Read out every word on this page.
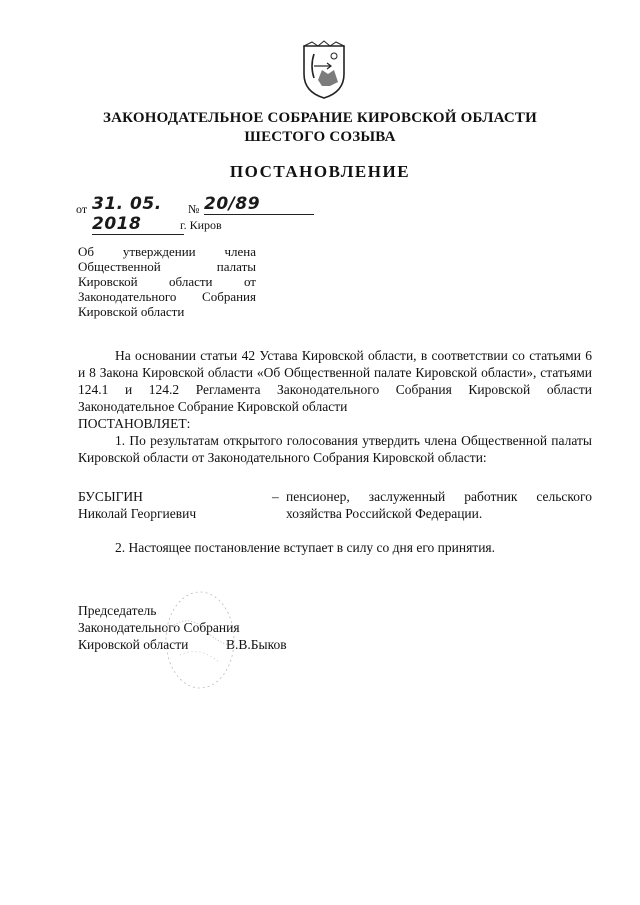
ЗАКОНОДАТЕЛЬНОЕ СОБРАНИЕ КИРОВСКОЙ ОБЛАСТИ
ШЕСТОГО СОЗЫВА
ПОСТАНОВЛЕНИЕ
от 31. 05. 2018
№ 20/89
г. Киров
Об утверждении члена Общественной палаты Кировской области от Законодательного Собрания Кировской области
На основании статьи 42 Устава Кировской области, в соответствии со статьями 6 и 8 Закона Кировской области «Об Общественной палате Кировской области», статьями 124.1 и 124.2 Регламента Законодательного Собрания Кировской области Законодательное Собрание Кировской области
ПОСТАНОВЛЯЕТ:
1. По результатам открытого голосования утвердить члена Общественной палаты Кировской области от Законодательного Собрания Кировской области:
БУСЫГИН
Николай Георгиевич
– пенсионер, заслуженный работник сельского хозяйства Российской Федерации.
2. Настоящее постановление вступает в силу со дня его принятия.
Председатель
Законодательного Собрания
Кировской области	В.В.Быков
